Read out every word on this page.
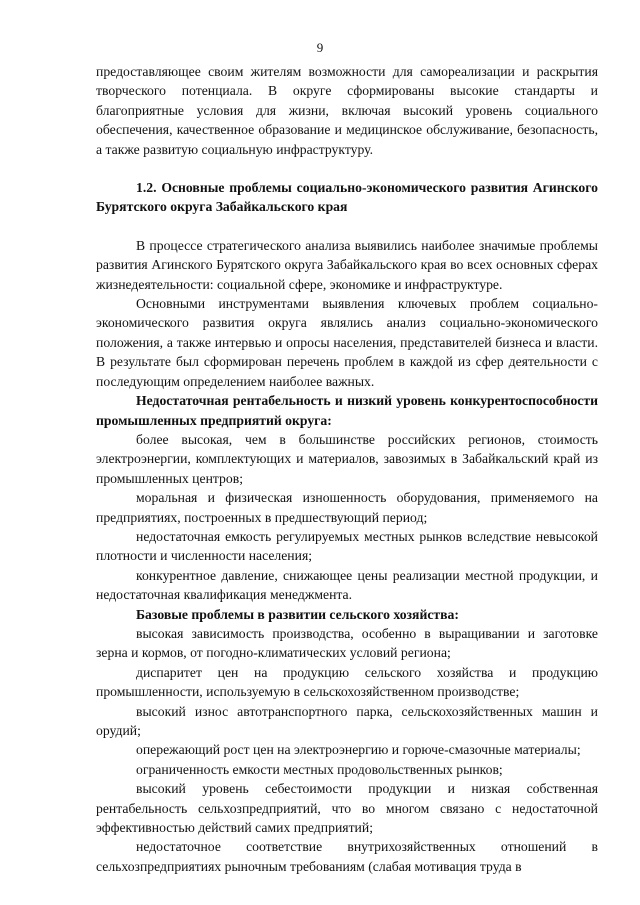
9

предоставляющее своим жителям возможности для самореализации и раскрытия творческого потенциала. В округе сформированы высокие стандарты и благоприятные условия для жизни, включая высокий уровень социального обеспечения, качественное образование и медицинское обслуживание, безопасность, а также развитую социальную инфраструктуру.

1.2. Основные проблемы социально-экономического развития Агинского Бурятского округа Забайкальского края

В процессе стратегического анализа выявились наиболее значимые проблемы развития Агинского Бурятского округа Забайкальского края во всех основных сферах жизнедеятельности: социальной сфере, экономике и инфраструктуре.

Основными инструментами выявления ключевых проблем социально-экономического развития округа являлись анализ социально-экономического положения, а также интервью и опросы населения, представителей бизнеса и власти. В результате был сформирован перечень проблем в каждой из сфер деятельности с последующим определением наиболее важных.

Недостаточная рентабельность и низкий уровень конкурентоспособности промышленных предприятий округа:

более высокая, чем в большинстве российских регионов, стоимость электроэнергии, комплектующих и материалов, завозимых в Забайкальский край из промышленных центров;

моральная и физическая изношенность оборудования, применяемого на предприятиях, построенных в предшествующий период;

недостаточная емкость регулируемых местных рынков вследствие невысокой плотности и численности населения;

конкурентное давление, снижающее цены реализации местной продукции, и недостаточная квалификация менеджмента.

Базовые проблемы в развитии сельского хозяйства:

высокая зависимость производства, особенно в выращивании и заготовке зерна и кормов, от погодно-климатических условий региона;

диспаритет цен на продукцию сельского хозяйства и продукцию промышленности, используемую в сельскохозяйственном производстве;

высокий износ автотранспортного парка, сельскохозяйственных машин и орудий;

опережающий рост цен на электроэнергию и горюче-смазочные материалы;

ограниченность емкости местных продовольственных рынков;

высокий уровень себестоимости продукции и низкая собственная рентабельность сельхозпредприятий, что во многом связано с недостаточной эффективностью действий самих предприятий;

недостаточное соответствие внутрихозяйственных отношений в сельхозпредприятиях рыночным требованиям (слабая мотивация труда в
